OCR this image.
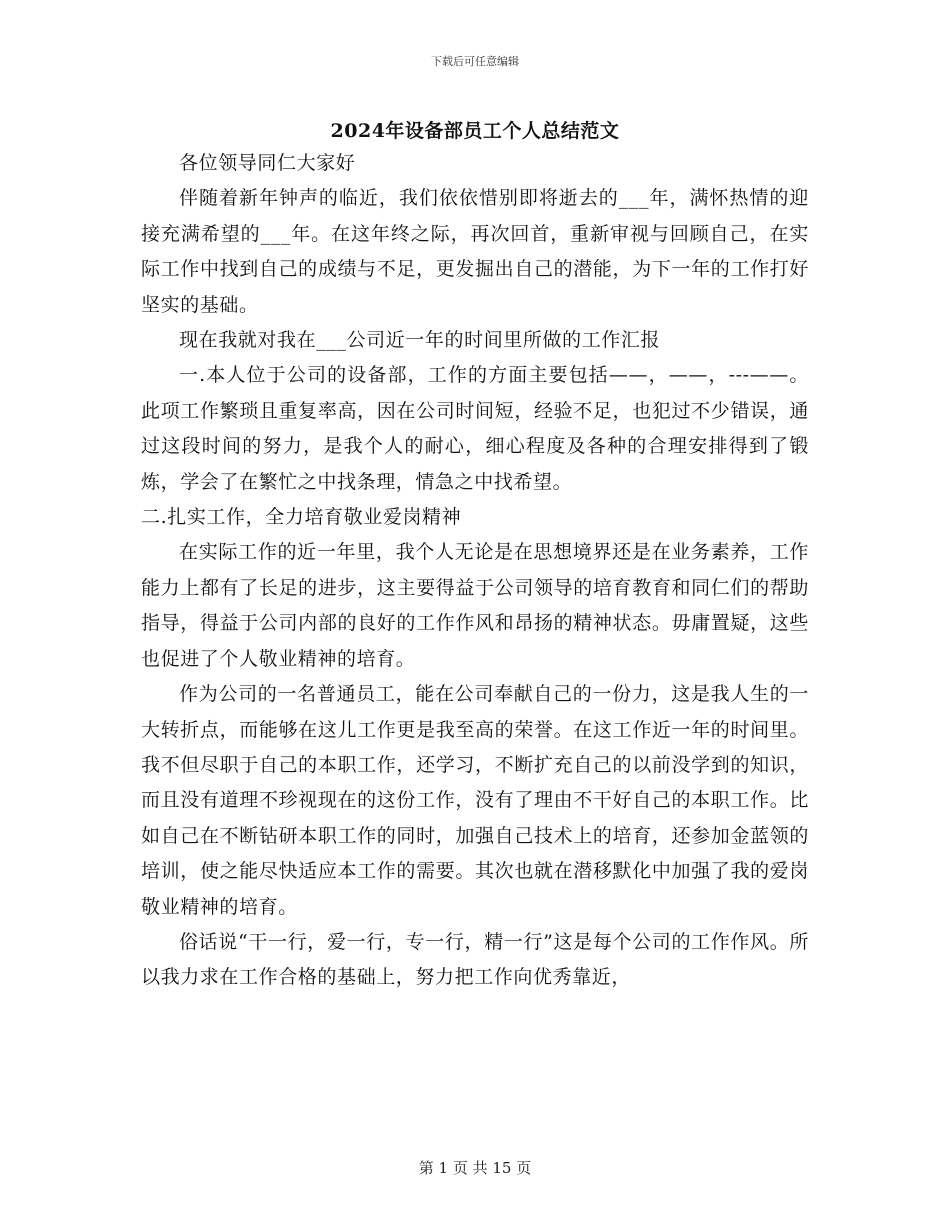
下载后可任意编辑
2024年设备部员工个人总结范文

各位领导同仁大家好

伴随着新年钟声的临近，我们依依惜别即将逝去的___年，满怀热情的迎接充满希望的___年。在这年终之际，再次回首，重新审视与回顾自己，在实际工作中找到自己的成绩与不足，更发掘出自己的潜能，为下一年的工作打好坚实的基础。

现在我就对我在___公司近一年的时间里所做的工作汇报

一.本人位于公司的设备部，工作的方面主要包括——，——，---——。此项工作繁琐且重复率高，因在公司时间短，经验不足，也犯过不少错误，通过这段时间的努力，是我个人的耐心，细心程度及各种的合理安排得到了锻炼，学会了在繁忙之中找条理，情急之中找希望。

二.扎实工作，全力培育敬业爱岗精神

在实际工作的近一年里，我个人无论是在思想境界还是在业务素养，工作能力上都有了长足的进步，这主要得益于公司领导的培育教育和同仁们的帮助指导，得益于公司内部的良好的工作作风和昂扬的精神状态。毋庸置疑，这些也促进了个人敬业精神的培育。

作为公司的一名普通员工，能在公司奉献自己的一份力，这是我人生的一大转折点，而能够在这儿工作更是我至高的荣誉。在这工作近一年的时间里。我不但尽职于自己的本职工作，还学习，不断扩充自己的以前没学到的知识，而且没有道理不珍视现在的这份工作，没有了理由不干好自己的本职工作。比如自己在不断钻研本职工作的同时，加强自己技术上的培育，还参加金蓝领的培训，使之能尽快适应本工作的需要。其次也就在潜移默化中加强了我的爱岗敬业精神的培育。

俗话说“干一行，爱一行，专一行，精一行”这是每个公司的工作作风。所以我力求在工作合格的基础上，努力把工作向优秀靠近，

第 1 页 共 15 页
